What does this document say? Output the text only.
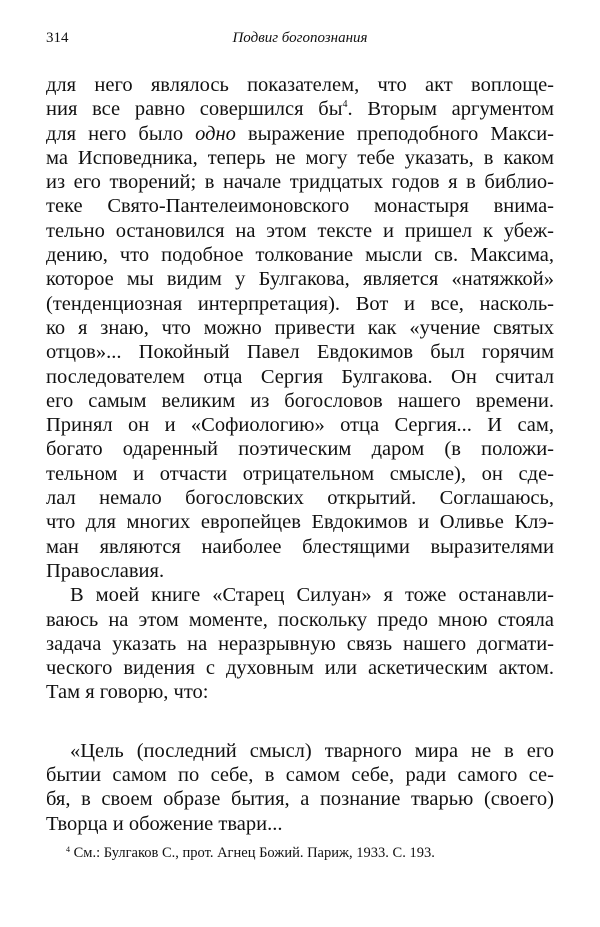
314	Подвиг богопознания
для него являлось показателем, что акт воплоще-
ния все равно совершился $бы^4$. Вторым аргументом
для него было одно выражение преподобного Макси-
ма Исповедника, теперь не могу тебе указать, в каком
из его творений; в начале тридцатых годов я в библио-
теке Свято-Пантелеимоновского монастыря внима-
тельно остановился на этом тексте и пришел к убеж-
дению, что подобное толкование мысли св. Максима,
которое мы видим у Булгакова, является «натяжкой»
(тенденциозная интерпретация). Вот и все, насколь-
ко я знаю, что можно привести как «учение святых
отцов»... Покойный Павел Евдокимов был горячим
последователем отца Сергия Булгакова. Он считал
его самым великим из богословов нашего времени.
Принял он и «Софиологию» отца Сергия... И сам,
богато одаренный поэтическим даром (в положи-
тельном и отчасти отрицательном смысле), он сде-
лал немало богословских открытий. Соглашаюсь,
что для многих европейцев Евдокимов и Оливье Клэ-
ман являются наиболее блестящими выразителями
Православия.
В моей книге «Старец Силуан» я тоже останавли-
ваюсь на этом моменте, поскольку предо мною стояла
задача указать на неразрывную связь нашего догмати-
ческого видения с духовным или аскетическим актом.
Там я говорю, что:
«Цель (последний смысл) тварного мира не в его
бытии самом по себе, в самом себе, ради самого се-
бя, в своем образе бытия, а познание тварью (своего)
Творца и обожение твари...
$^4$ См.: Булгаков С., прот. Агнец Божий. Париж, 1933. С. 193.
